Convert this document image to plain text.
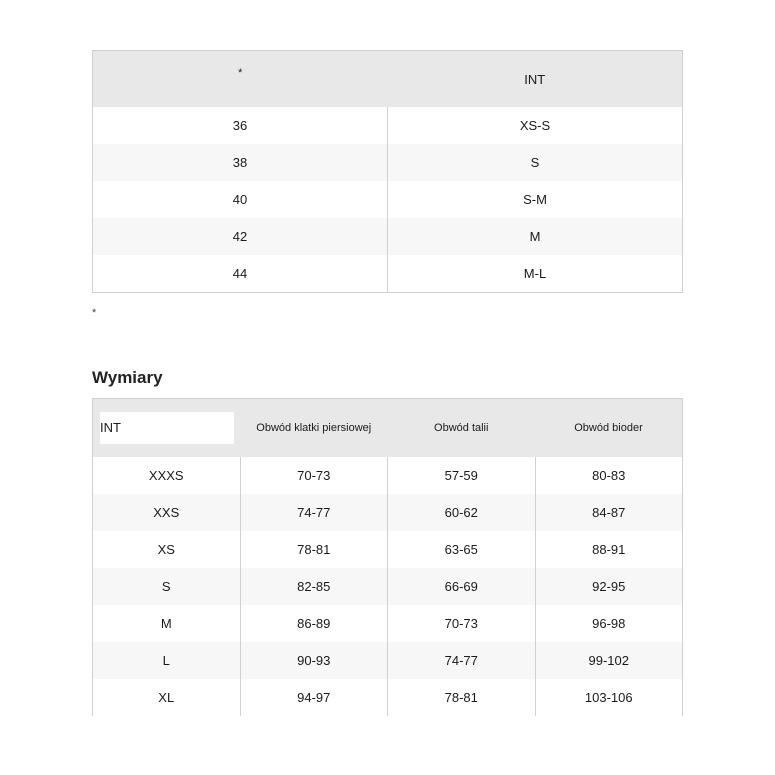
*	INT
36	XS-S
38	S
40	S-M
42	M
44	M-L
*
Wymiary
INT	Obwód klatki piersiowej	Obwód talii	Obwód bioder
XXXS	70-73	57-59	80-83
XXS	74-77	60-62	84-87
XS	78-81	63-65	88-91
S	82-85	66-69	92-95
M	86-89	70-73	96-98
L	90-93	74-77	99-102
XL	94-97	78-81	103-106
